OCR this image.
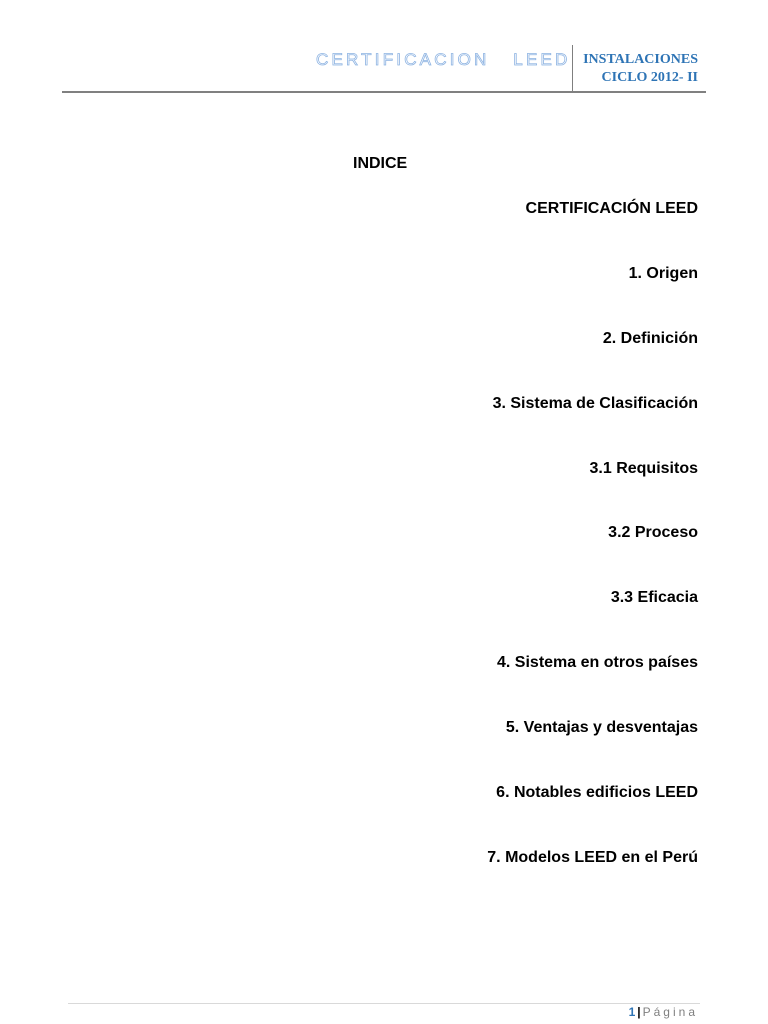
CERTIFICACION   LEED INSTALACIONES
CICLO 2012- II
INDICE
CERTIFICACIÓN LEED
1. Origen
2. Definición
3. Sistema de Clasificación
3.1 Requisitos
3.2 Proceso
3.3 Eficacia
4. Sistema en otros países
5. Ventajas y desventajas
6. Notables edificios LEED
7. Modelos LEED en el Perú
1 | Página
